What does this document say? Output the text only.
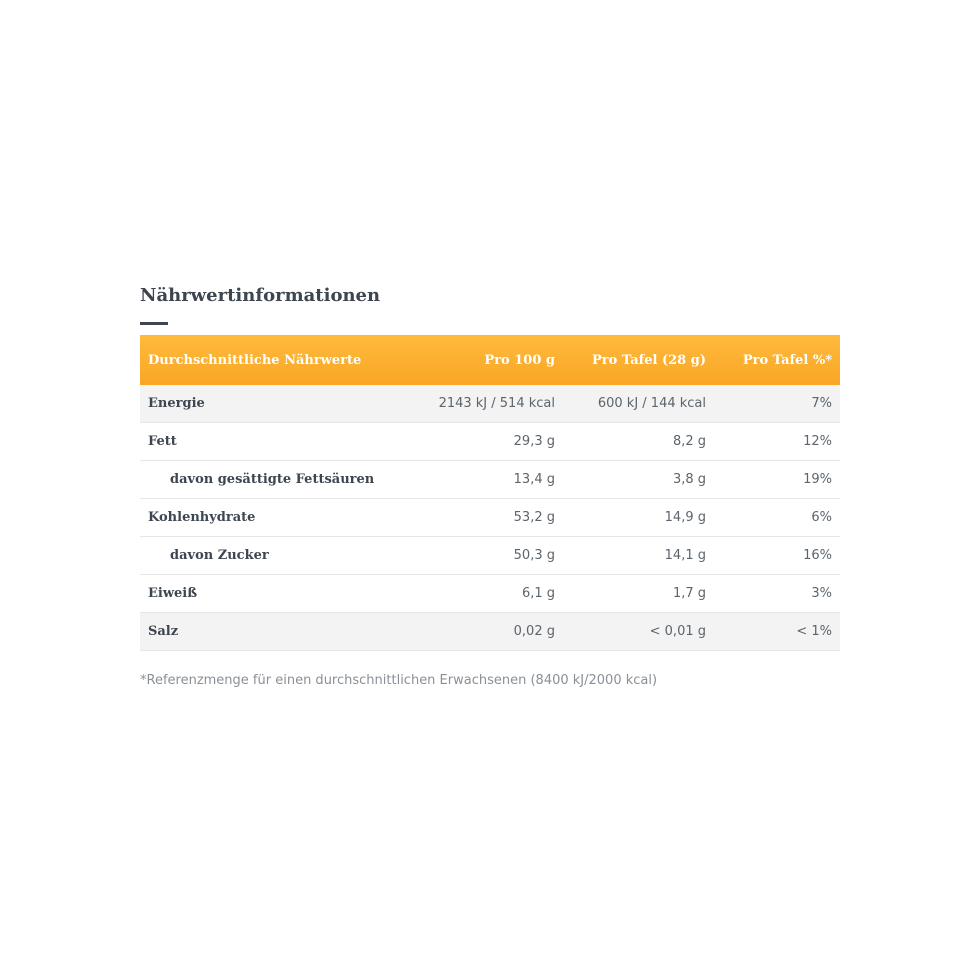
Nährwertinformationen
Durchschnittliche Nährwerte	Pro 100 g	Pro Tafel (28 g)	Pro Tafel %*
Energie	2143 kJ / 514 kcal	600 kJ / 144 kcal	7%
Fett	29,3 g	8,2 g	12%
davon gesättigte Fettsäuren	13,4 g	3,8 g	19%
Kohlenhydrate	53,2 g	14,9 g	6%
davon Zucker	50,3 g	14,1 g	16%
Eiweiß	6,1 g	1,7 g	3%
Salz	0,02 g	< 0,01 g	< 1%
*Referenzmenge für einen durchschnittlichen Erwachsenen (8400 kJ/2000 kcal)
